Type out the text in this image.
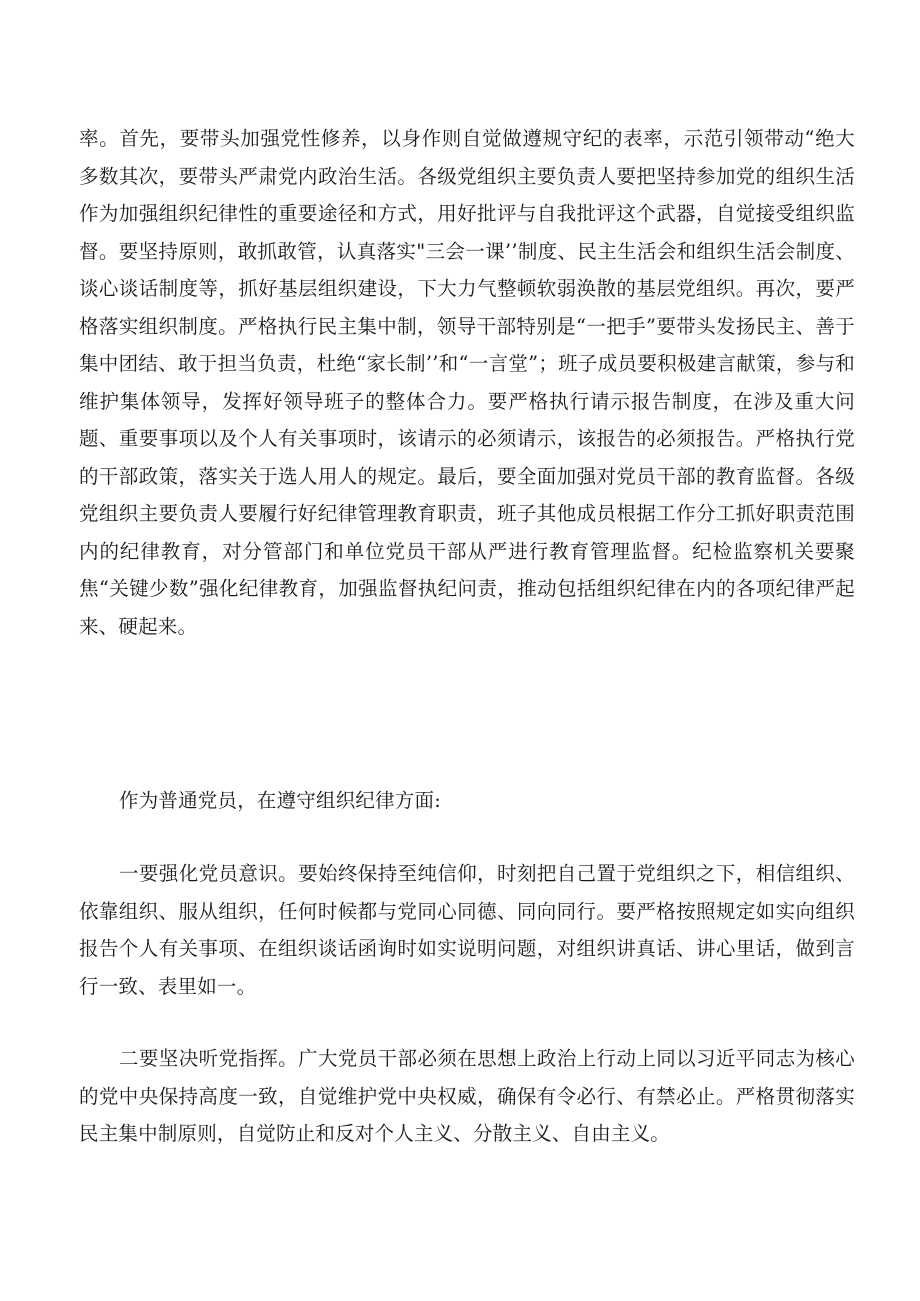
率。首先，要带头加强党性修养，以身作则自觉做遵规守纪的表率，示范引领带动“绝大多数其次，要带头严肃党内政治生活。各级党组织主要负责人要把坚持参加党的组织生活作为加强组织纪律性的重要途径和方式，用好批评与自我批评这个武器，自觉接受组织监督。要坚持原则，敢抓敢管，认真落实"三会一课’’制度、民主生活会和组织生活会制度、谈心谈话制度等，抓好基层组织建设，下大力气整顿软弱涣散的基层党组织。再次，要严格落实组织制度。严格执行民主集中制，领导干部特别是“一把手”要带头发扬民主、善于集中团结、敢于担当负责，杜绝“家长制’’和“一言堂”；班子成员要积极建言献策，参与和维护集体领导，发挥好领导班子的整体合力。要严格执行请示报告制度，在涉及重大问题、重要事项以及个人有关事项时，该请示的必须请示，该报告的必须报告。严格执行党的干部政策，落实关于选人用人的规定。最后，要全面加强对党员干部的教育监督。各级党组织主要负责人要履行好纪律管理教育职责，班子其他成员根据工作分工抓好职责范围内的纪律教育，对分管部门和单位党员干部从严进行教育管理监督。纪检监察机关要聚焦“关键少数”强化纪律教育，加强监督执纪问责，推动包括组织纪律在内的各项纪律严起来、硬起来。

作为普通党员，在遵守组织纪律方面:

一要强化党员意识。要始终保持至纯信仰，时刻把自己置于党组织之下，相信组织、依靠组织、服从组织，任何时候都与党同心同德、同向同行。要严格按照规定如实向组织报告个人有关事项、在组织谈话函询时如实说明问题，对组织讲真话、讲心里话，做到言行一致、表里如一。

二要坚决听党指挥。广大党员干部必须在思想上政治上行动上同以习近平同志为核心的党中央保持高度一致，自觉维护党中央权威，确保有令必行、有禁必止。严格贯彻落实民主集中制原则，自觉防止和反对个人主义、分散主义、自由主义。
